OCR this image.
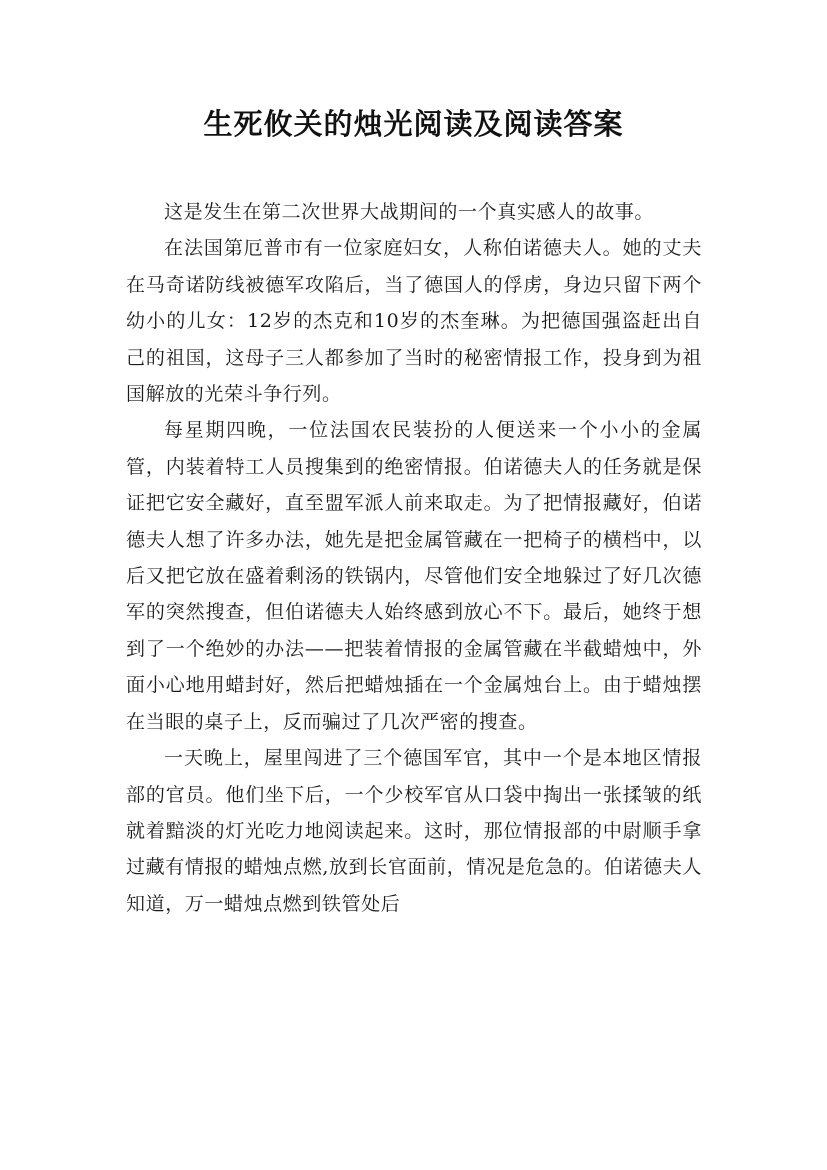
生死攸关的烛光阅读及阅读答案

这是发生在第二次世界大战期间的一个真实感人的故事。

在法国第厄普市有一位家庭妇女，人称伯诺德夫人。她的丈夫在马奇诺防线被德军攻陷后，当了德国人的俘虏，身边只留下两个幼小的儿女：12岁的杰克和10岁的杰奎琳。为把德国强盗赶出自己的祖国，这母子三人都参加了当时的秘密情报工作，投身到为祖国解放的光荣斗争行列。

每星期四晚，一位法国农民装扮的人便送来一个小小的金属管，内装着特工人员搜集到的绝密情报。伯诺德夫人的任务就是保证把它安全藏好，直至盟军派人前来取走。为了把情报藏好，伯诺德夫人想了许多办法，她先是把金属管藏在一把椅子的横档中，以后又把它放在盛着剩汤的铁锅内，尽管他们安全地躲过了好几次德军的突然搜查，但伯诺德夫人始终感到放心不下。最后，她终于想到了一个绝妙的办法——把装着情报的金属管藏在半截蜡烛中，外面小心地用蜡封好，然后把蜡烛插在一个金属烛台上。由于蜡烛摆在当眼的桌子上，反而骗过了几次严密的搜查。

一天晚上，屋里闯进了三个德国军官，其中一个是本地区情报部的官员。他们坐下后，一个少校军官从口袋中掏出一张揉皱的纸就着黯淡的灯光吃力地阅读起来。这时，那位情报部的中尉顺手拿过藏有情报的蜡烛点燃,放到长官面前，情况是危急的。伯诺德夫人知道，万一蜡烛点燃到铁管处后
